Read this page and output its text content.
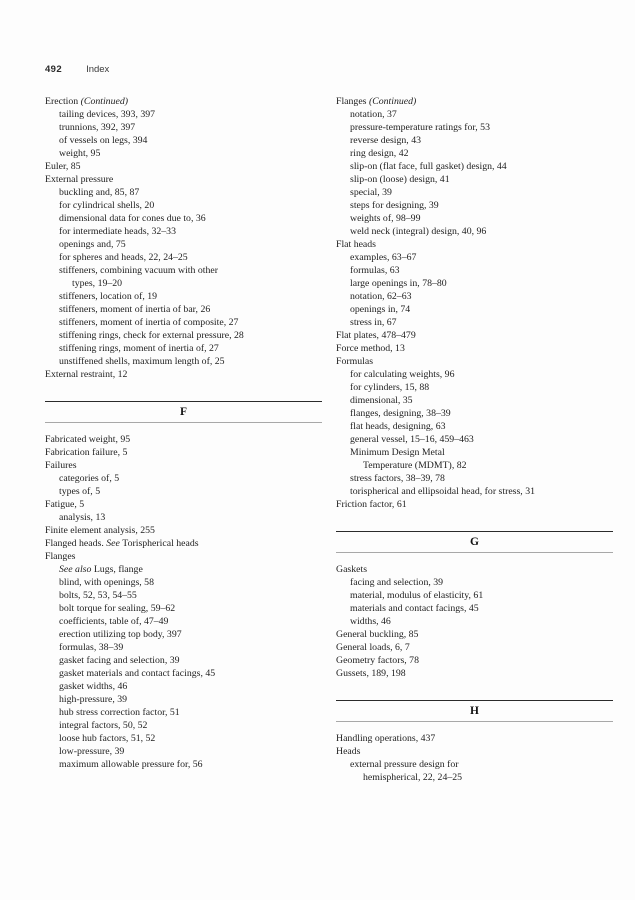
492	Index
Erection (Continued)
tailing devices, 393, 397
trunnions, 392, 397
of vessels on legs, 394
weight, 95
Euler, 85
External pressure
buckling and, 85, 87
for cylindrical shells, 20
dimensional data for cones due to, 36
for intermediate heads, 32–33
openings and, 75
for spheres and heads, 22, 24–25
stiffeners, combining vacuum with other
types, 19–20
stiffeners, location of, 19
stiffeners, moment of inertia of bar, 26
stiffeners, moment of inertia of composite, 27
stiffening rings, check for external pressure, 28
stiffening rings, moment of inertia of, 27
unstiffened shells, maximum length of, 25
External restraint, 12
F
Fabricated weight, 95
Fabrication failure, 5
Failures
categories of, 5
types of, 5
Fatigue, 5
analysis, 13
Finite element analysis, 255
Flanged heads. See Torispherical heads
Flanges
See also Lugs, flange
blind, with openings, 58
bolts, 52, 53, 54–55
bolt torque for sealing, 59–62
coefficients, table of, 47–49
erection utilizing top body, 397
formulas, 38–39
gasket facing and selection, 39
gasket materials and contact facings, 45
gasket widths, 46
high-pressure, 39
hub stress correction factor, 51
integral factors, 50, 52
loose hub factors, 51, 52
low-pressure, 39
maximum allowable pressure for, 56
Flanges (Continued)
notation, 37
pressure-temperature ratings for, 53
reverse design, 43
ring design, 42
slip-on (flat face, full gasket) design, 44
slip-on (loose) design, 41
special, 39
steps for designing, 39
weights of, 98–99
weld neck (integral) design, 40, 96
Flat heads
examples, 63–67
formulas, 63
large openings in, 78–80
notation, 62–63
openings in, 74
stress in, 67
Flat plates, 478–479
Force method, 13
Formulas
for calculating weights, 96
for cylinders, 15, 88
dimensional, 35
flanges, designing, 38–39
flat heads, designing, 63
general vessel, 15–16, 459–463
Minimum Design Metal
Temperature (MDMT), 82
stress factors, 38–39, 78
torispherical and ellipsoidal head, for stress, 31
Friction factor, 61
G
Gaskets
facing and selection, 39
material, modulus of elasticity, 61
materials and contact facings, 45
widths, 46
General buckling, 85
General loads, 6, 7
Geometry factors, 78
Gussets, 189, 198
H
Handling operations, 437
Heads
external pressure design for
hemispherical, 22, 24–25
